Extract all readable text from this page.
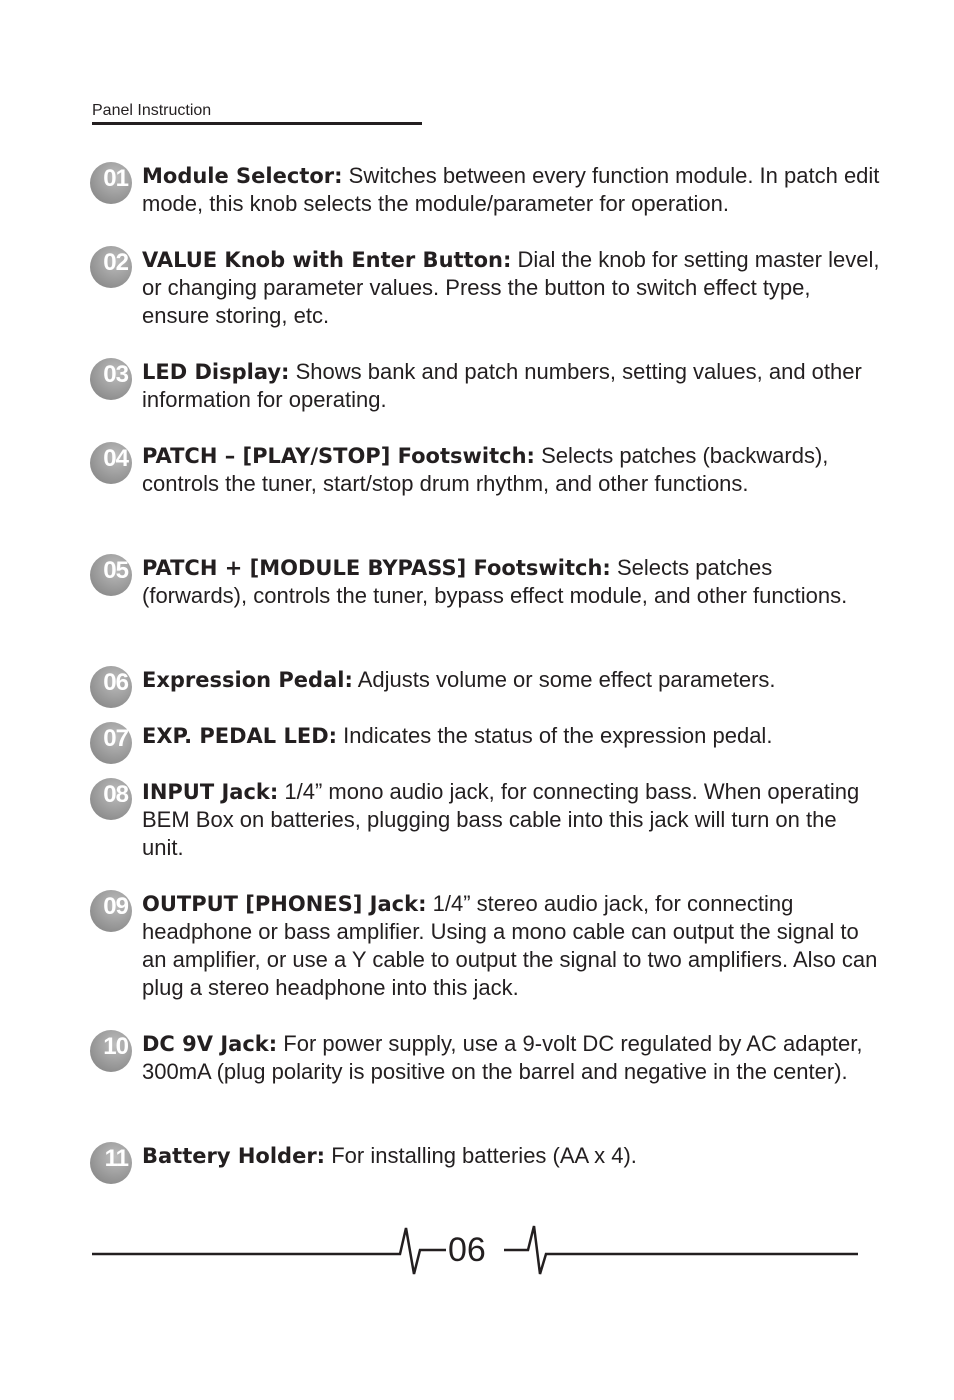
Panel Instruction
01 Module Selector: Switches between every function module. In patch edit mode, this knob selects the module/parameter for operation.
02 VALUE Knob with Enter Button: Dial the knob for setting master level, or changing parameter values. Press the button to switch effect type, ensure storing, etc.
03 LED Display: Shows bank and patch numbers, setting values, and other information for operating.
04 PATCH – [PLAY/STOP] Footswitch: Selects patches (backwards), controls the tuner, start/stop drum rhythm, and other functions.
05 PATCH + [MODULE BYPASS] Footswitch: Selects patches (forwards), controls the tuner, bypass effect module, and other functions.
06 Expression Pedal: Adjusts volume or some effect parameters.
07 EXP. PEDAL LED: Indicates the status of the expression pedal.
08 INPUT Jack: 1/4” mono audio jack, for connecting bass. When operating BEM Box on batteries, plugging bass cable into this jack will turn on the unit.
09 OUTPUT [PHONES] Jack: 1/4” stereo audio jack, for connecting headphone or bass amplifier. Using a mono cable can output the signal to an amplifier, or use a Y cable to output the signal to two amplifiers. Also can plug a stereo headphone into this jack.
10 DC 9V Jack: For power supply, use a 9-volt DC regulated by AC adapter, 300mA (plug polarity is positive on the barrel and negative in the center).
11 Battery Holder: For installing batteries (AA x 4).
06
